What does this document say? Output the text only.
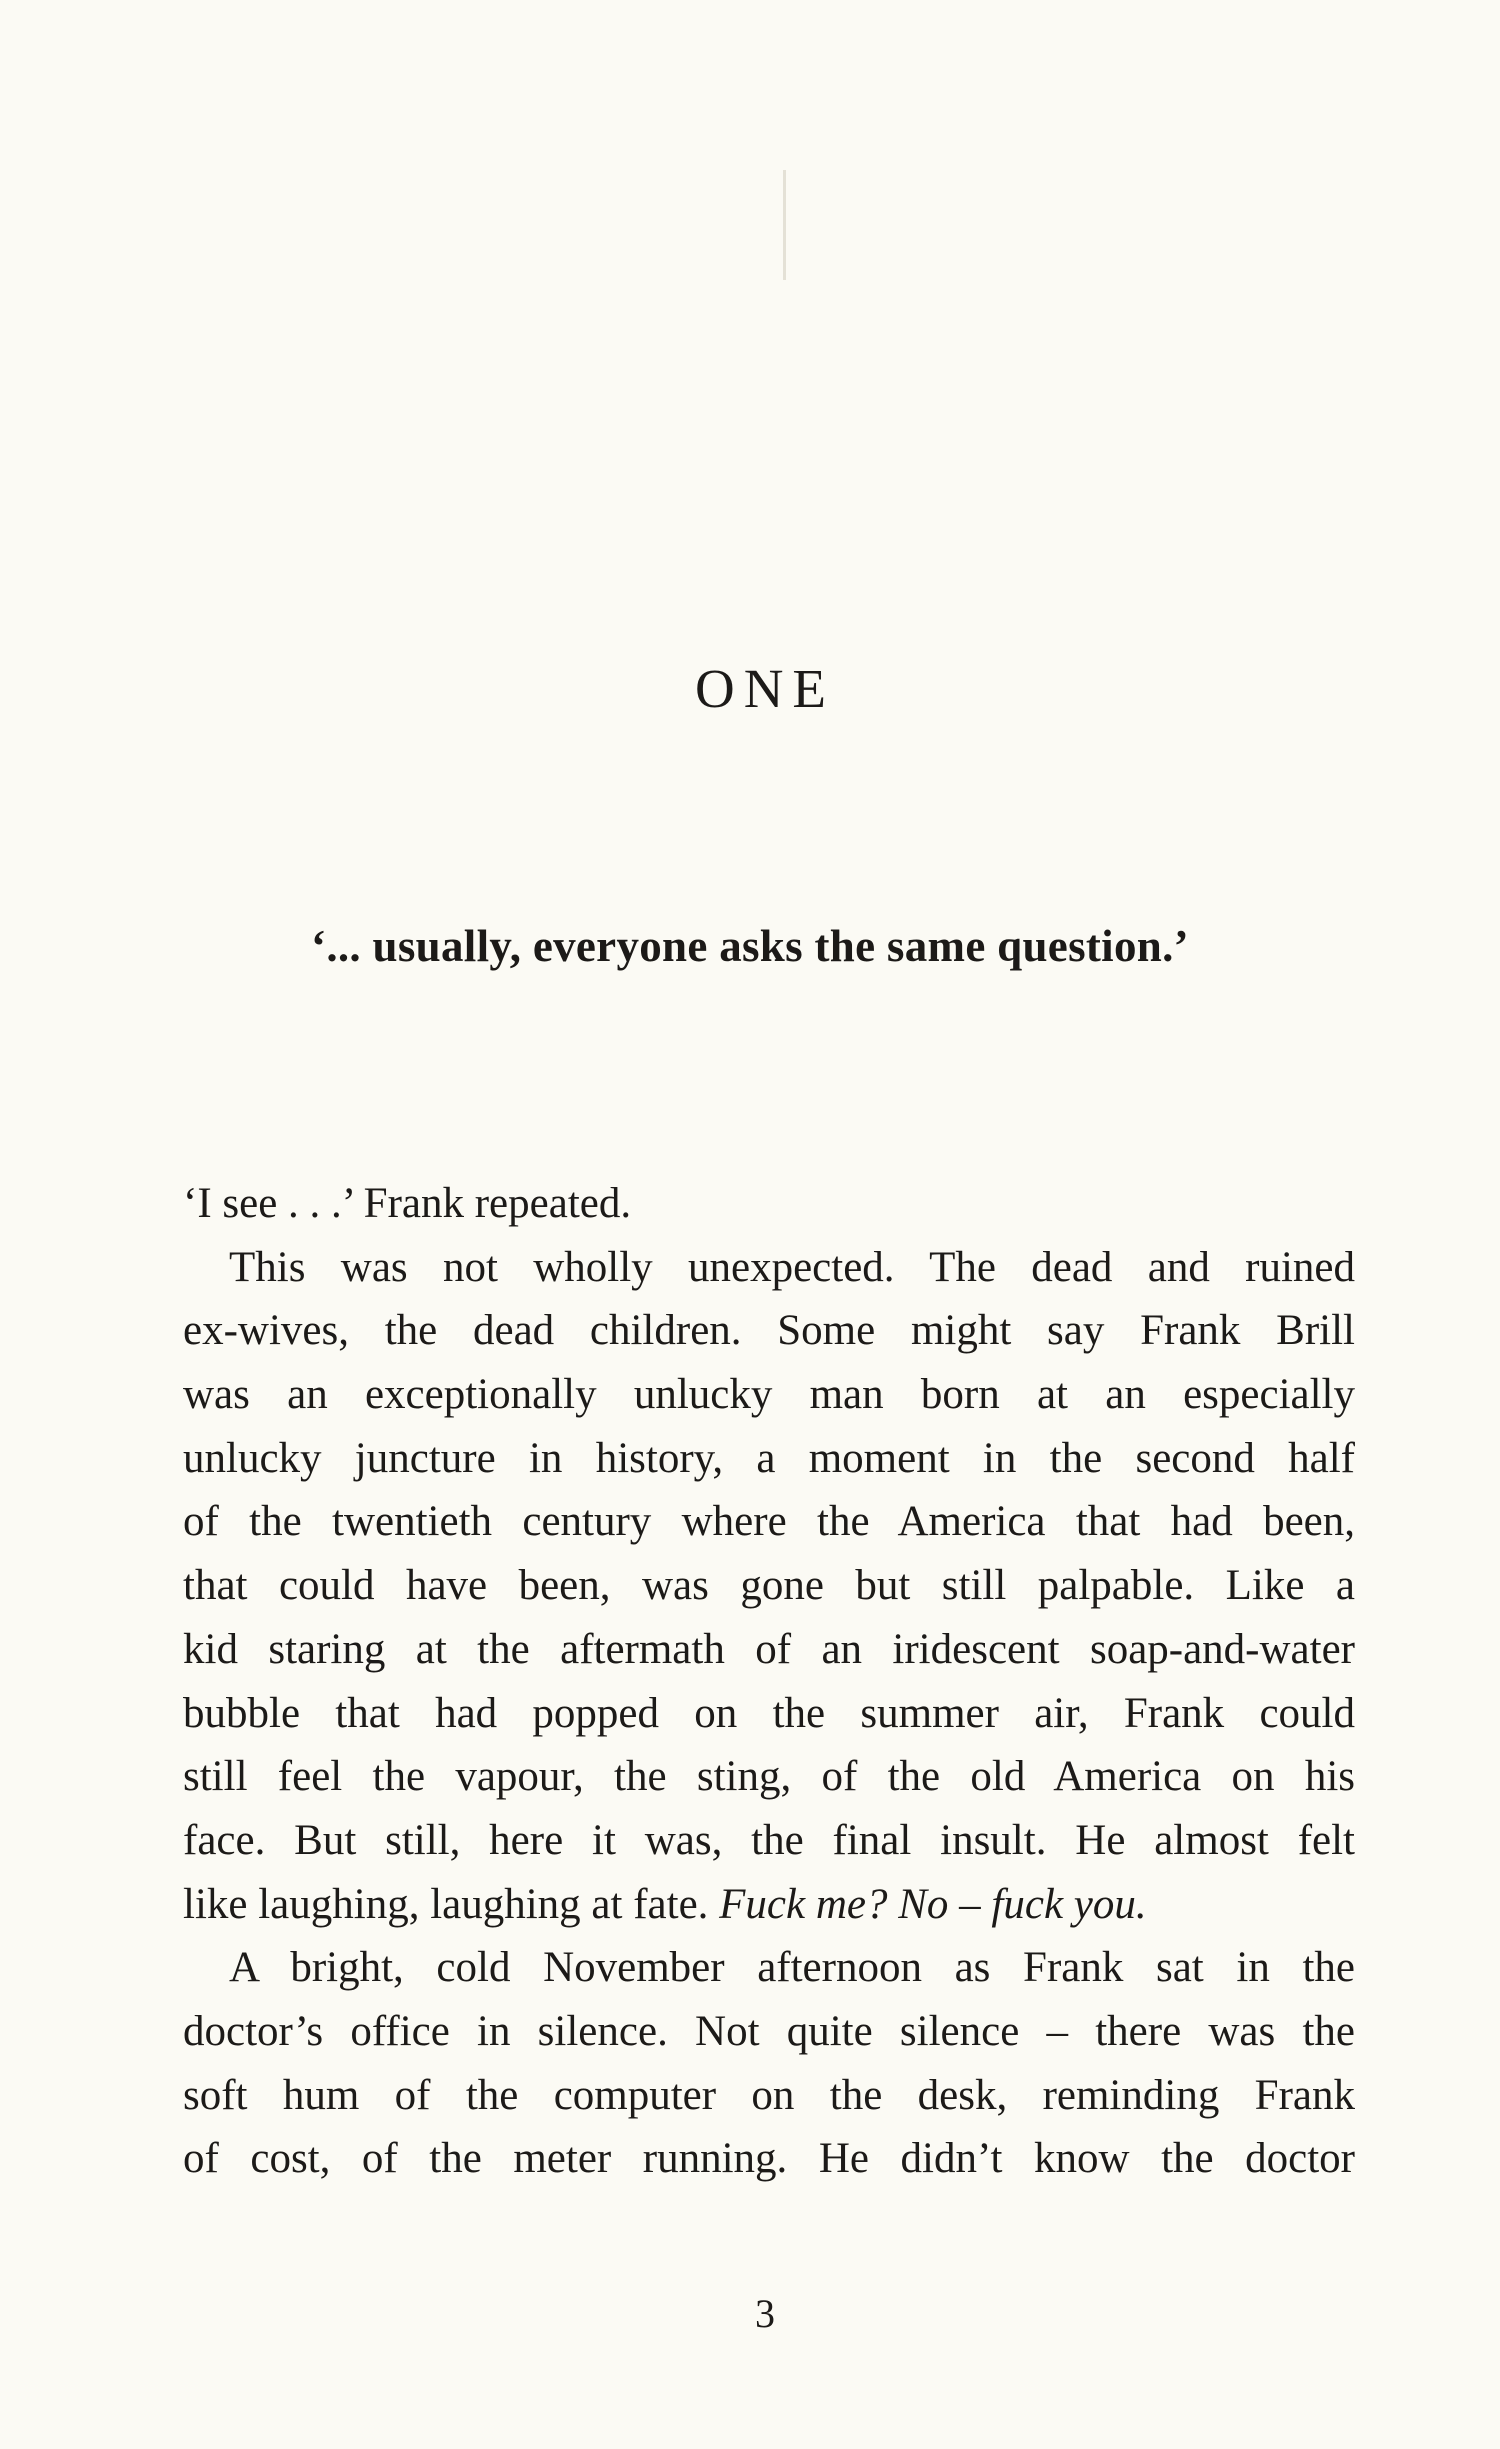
ONE

‘... usually, everyone asks the same question.’

‘I see . . .’ Frank repeated.
This was not wholly unexpected. The dead and ruined
ex-wives, the dead children. Some might say Frank Brill
was an exceptionally unlucky man born at an especially
unlucky juncture in history, a moment in the second half
of the twentieth century where the America that had been,
that could have been, was gone but still palpable. Like a
kid staring at the aftermath of an iridescent soap-and-water
bubble that had popped on the summer air, Frank could
still feel the vapour, the sting, of the old America on his
face. But still, here it was, the final insult. He almost felt
like laughing, laughing at fate. Fuck me? No – fuck you.
A bright, cold November afternoon as Frank sat in the
doctor’s office in silence. Not quite silence – there was the
soft hum of the computer on the desk, reminding Frank
of cost, of the meter running. He didn’t know the doctor

3
